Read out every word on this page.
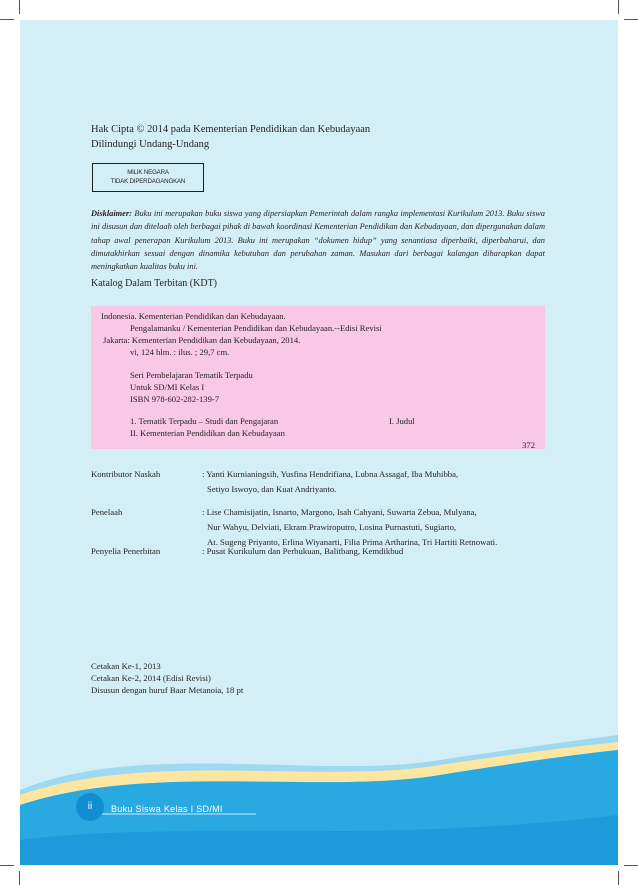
Hak Cipta © 2014 pada Kementerian Pendidikan dan Kebudayaan
Dilindungi Undang-Undang
MILIK NEGARA
TIDAK DIPERDAGANGKAN
Disklaimer: Buku ini merupakan buku siswa yang dipersiapkan Pemerintah dalam rangka implementasi Kurikulum 2013. Buku siswa ini disusun dan ditelaah oleh berbagai pihak di bawah koordinasi Kementerian Pendidikan dan Kebudayaan, dan dipergunakan dalam tahap awal penerapan Kurikulum 2013. Buku ini merupakan “dokumen hidup” yang senantiasa diperbaiki, diperbaharui, dan dimutakhirkan sesuai dengan dinamika kebutuhan dan perubahan zaman. Masukan dari berbagai kalangan diharapkan dapat meningkatkan kualitas buku ini.
Katalog Dalam Terbitan (KDT)
Indonesia. Kementerian Pendidikan dan Kebudayaan.
Pengalamanku / Kementerian Pendidikan dan Kebudayaan.--Edisi Revisi
Jakarta: Kementerian Pendidikan dan Kebudayaan, 2014.
vi, 124 hlm. : ilus. ; 29,7 cm.
Seri Pembelajaran Tematik Terpadu
Untuk SD/MI Kelas I
ISBN 978-602-282-139-7
1. Tematik Terpadu – Studi dan Pengajaran	I. Judul
II. Kementerian Pendidikan dan Kebudayaan
372
Kontributor Naskah	: Yanti Kurnianingsih, Yusfina Hendrifiana, Lubna Assagaf, Iba Muhibba,
Setiyo Iswoyo, dan Kuat Andriyanto.
Penelaah	: Lise Chamisijatin, Isnarto, Margono, Isah Cahyani, Suwarta Zebua, Mulyana,
Nur Wahyu, Delviati, Ekram Prawiroputro, Losina Purnastuti, Sugiarto,
At. Sugeng Priyanto, Erlina Wiyanarti, Filia Prima Artharina, Tri Hartiti Retnowati.
Penyelia Penerbitan	: Pusat Kurikulum dan Perbukuan, Balitbang, Kemdikbud
Cetakan Ke-1, 2013
Cetakan Ke-2, 2014 (Edisi Revisi)
Disusun dengan huruf Baar Metanoia, 18 pt
ii	Buku Siswa Kelas I SD/MI
